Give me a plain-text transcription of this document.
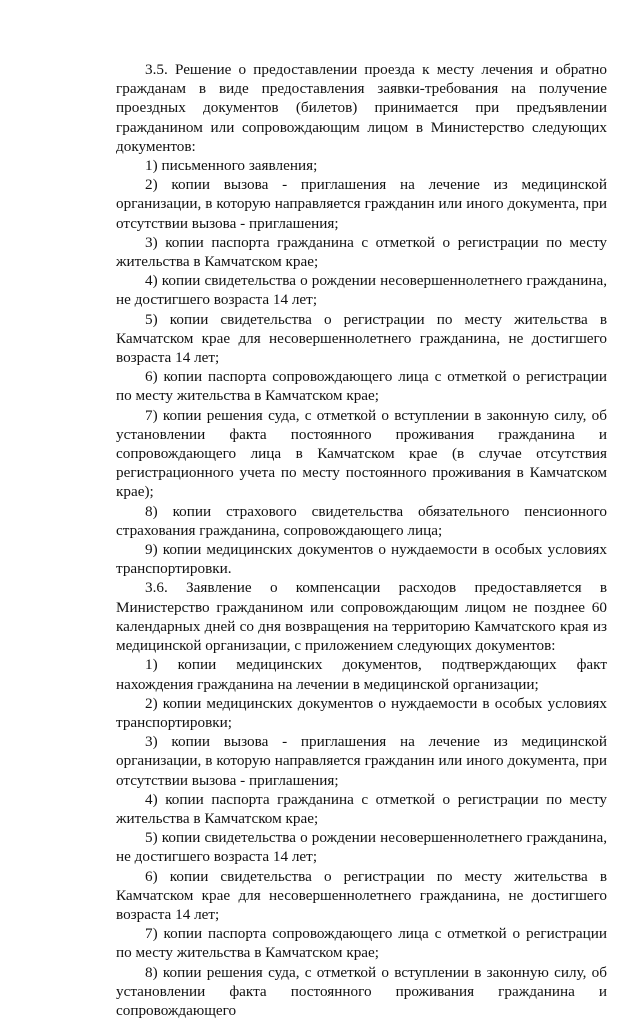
3.5. Решение о предоставлении проезда к месту лечения и обратно гражданам в виде предоставления заявки-требования на получение проездных документов (билетов) принимается при предъявлении гражданином или сопровождающим лицом в Министерство следующих документов:

1) письменного заявления;

2) копии вызова - приглашения на лечение из медицинской организации, в которую направляется гражданин или иного документа, при отсутствии вызова - приглашения;

3) копии паспорта гражданина с отметкой о регистрации по месту жительства в Камчатском крае;

4) копии свидетельства о рождении несовершеннолетнего гражданина, не достигшего возраста 14 лет;

5) копии свидетельства о регистрации по месту жительства в Камчатском крае для несовершеннолетнего гражданина, не достигшего возраста 14 лет;

6) копии паспорта сопровождающего лица с отметкой о регистрации по месту жительства в Камчатском крае;

7) копии решения суда, с отметкой о вступлении в законную силу, об установлении факта постоянного проживания гражданина и сопровождающего лица в Камчатском крае (в случае отсутствия регистрационного учета по месту постоянного проживания в Камчатском крае);

8) копии страхового свидетельства обязательного пенсионного страхования гражданина, сопровождающего лица;

9) копии медицинских документов о нуждаемости в особых условиях транспортировки.

3.6. Заявление о компенсации расходов предоставляется в Министерство гражданином или сопровождающим лицом не позднее 60 календарных дней со дня возвращения на территорию Камчатского края из медицинской организации, с приложением следующих документов:

1) копии медицинских документов, подтверждающих факт нахождения гражданина на лечении в медицинской организации;

2) копии медицинских документов о нуждаемости в особых условиях транспортировки;

3) копии вызова - приглашения на лечение из медицинской организации, в которую направляется гражданин или иного документа, при отсутствии вызова - приглашения;

4) копии паспорта гражданина с отметкой о регистрации по месту жительства в Камчатском крае;

5) копии свидетельства о рождении несовершеннолетнего гражданина, не достигшего возраста 14 лет;

6) копии свидетельства о регистрации по месту жительства в Камчатском крае для несовершеннолетнего гражданина, не достигшего возраста 14 лет;

7) копии паспорта сопровождающего лица с отметкой о регистрации по месту жительства в Камчатском крае;

8) копии решения суда, с отметкой о вступлении в законную силу, об установлении факта постоянного проживания гражданина и сопровождающего
